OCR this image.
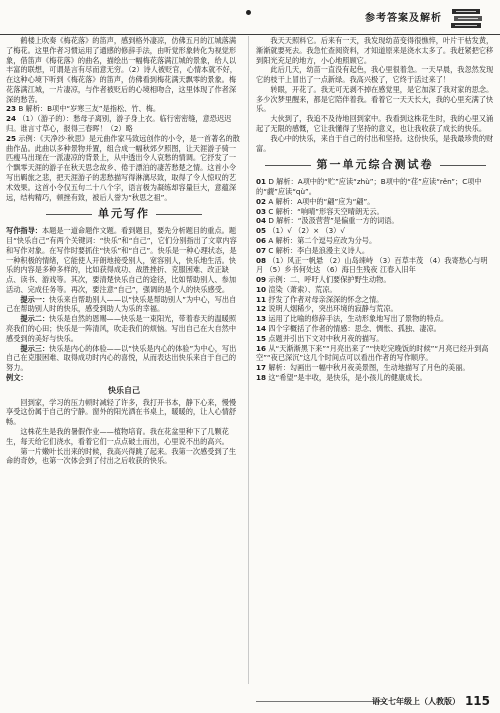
参考答案及解析

鹤楼上吹奏《梅花落》的笛声，感到格外凄凉，仿佛五月的江城落满了梅花。这里作者习惯运用了通感的修辞手法，由听觉形象转化为视觉形象，借笛声《梅花落》的曲名，描绘出一幅梅花落满江城的景象，给人以丰富的联想，可谓是言有尽而意无穷。（2）诗人被贬官，心情本就不好，在这种心境下听到《梅花落》的笛声，仿佛看到梅花满天飘零的景象。梅花落满江城，一片凄凉，与作者被贬后的心境相吻合，这里体现了作者深深的愁苦。

23 B 解析：B项中“岁寒三友”是指松、竹、梅。

24 （1）（游子的）：愁母子离别，游子身上衣。临行密密缝，意恐迟迟归。谁言寸草心，报得三春晖！（2）略

25 示例：《天净沙·秋思》是元曲作家马致远创作的小令，是一首著名的散曲作品。此曲以多种景物并置，组合成一幅秋郊夕照图，让天涯游子骑一匹瘦马出现在一派凄凉的背景上，从中透出令人哀愁的情调。它抒发了一个飘零天涯的游子在秋天思念故乡、倦于漂泊的凄苦愁楚之情。这首小令写出羁旅之悲，把天涯游子的悲愁描写得淋漓尽致，取得了令人惊叹的艺术效果。这首小令仅五句二十八个字，语言极为凝练却容量巨大，意蕴深远，结构精巧，顿挫有致，被后人誉为“秋思之祖”。

单元写作

写作指导：本题是一道命题作文题。看到题目，要先分析题目的重点。题目“快乐自己”有两个关键词：“快乐”和“自己”，它们分别指出了文章内容和写作对象。在写作时要抓住“快乐”和“自己”。快乐是一种心理状态，是一种积极的情绪，它能使人开朗地接受别人，宽容别人，快乐地生活。快乐的内容是多种多样的，比如获得成功、战胜挫折、克服困难、改正缺点、读书、游戏等。其次，要清楚快乐自己的途径，比如帮助别人、参加活动、完成任务等。再次，要注意“自己”，强调的是个人的快乐感受。

提示一：快乐来自帮助别人——以“快乐是帮助别人”为中心，写出自己在帮助别人时的快乐，感受到助人为乐的幸福。

提示二：快乐是自然的恩赐——快乐是一束阳光，带着春天的温暖照亮我们的心田；快乐是一阵清风，吹走我们的烦恼。写出自己在大自然中感受到的美好与快乐。

提示三：快乐是内心的体验——以“快乐是内心的体验”为中心，写出自己在克服困难、取得成功时内心的喜悦，从而表达出快乐来自于自己的努力。

例文：

快乐自己

回到家，学习的压力顿时减轻了许多，我打开书本，静下心来，慢慢享受这份属于自己的宁静。窗外的阳光洒在书桌上，暖暖的，让人心情舒畅。

这株花生是我的暑假作业——植物培育。我在花盆里种下了几颗花生，每天给它们浇水，看着它们一点点破土而出，心里说不出的高兴。

第一片嫩叶长出来的时候，我高兴得跳了起来。我第一次感受到了生命的奇妙，也第一次体会到了付出之后收获的快乐。

我天天照料它。后来有一天，我发现幼苗变得很憔悴，叶片干枯发黄，渐渐就要死去。我急忙查阅资料，才知道原来是浇水太多了。我赶紧把它移到阳光充足的地方，小心地照顾它。

此后几天，幼苗一直没有起色，我心里很着急。一天早晨，我忽然发现它的枝干上冒出了一点新绿。我高兴极了，它终于活过来了！

转眼，开花了。我无可无剥不掉在感觉里，是它加深了我对家的思念。多少次梦里醒来，都是它陪伴着我。看着它一天天长大，我的心里充满了快乐。

大伙到了，我追不及待地回到家中。我看到这株花生时，我的心里又涌起了无限的感慨，它让我懂得了坚持的意义，也让我收获了成长的快乐。

我心中的快乐，来自于自己的付出和坚持。这份快乐，是我最珍贵的财富。

第一单元综合测试卷

01 D 解析：A项中的“贮”应读“zhù”；B项中的“荏”应读“rěn”；C项中的“觑”应读“qù”。

02 A 解析：A项中的“翩”应为“翩”。

03 C 解析：“响晴”形容天空晴朗无云。

04 D 解析：“汲汲营营”是偏重一方的词语。

05 （1）√ （2）× （3）√

06 A 解析：第二个逗号应改为分号。

07 C 解析：李白是浪漫主义诗人。

08 （1）风正一帆悬 （2）山岛竦峙 （3）百草丰茂 （4）我寄愁心与明月 （5）乡书何处达 （6）海日生残夜 江春入旧年

09 示例：二、呼吁人们要保护野生动物。

10 渲染（萧索）、荒凉。

11 抒发了作者对母亲深深的怀念之情。

12 说明人烟稀少，突出环境的寂静与荒凉。

13 运用了比喻的修辞手法，生动形象地写出了景物的特点。

14 四个字概括了作者的情感：思念、惆怅、孤独、凄凉。

15 点题并引出下文对中秋月夜的描写。

16 从“天渐渐黑下来”“月亮出来了”“快吃完晚饭的时候”“月亮已经升到高空”“夜已深沉”这几个时间点可以看出作者的写作顺序。

17 解析：勾画出一幅中秋月夜美景图，生动地描写了月色的美丽。

18 这“希望”是丰收，是快乐，是小孩儿的健康成长。

语文七年级上（人教版） 115
